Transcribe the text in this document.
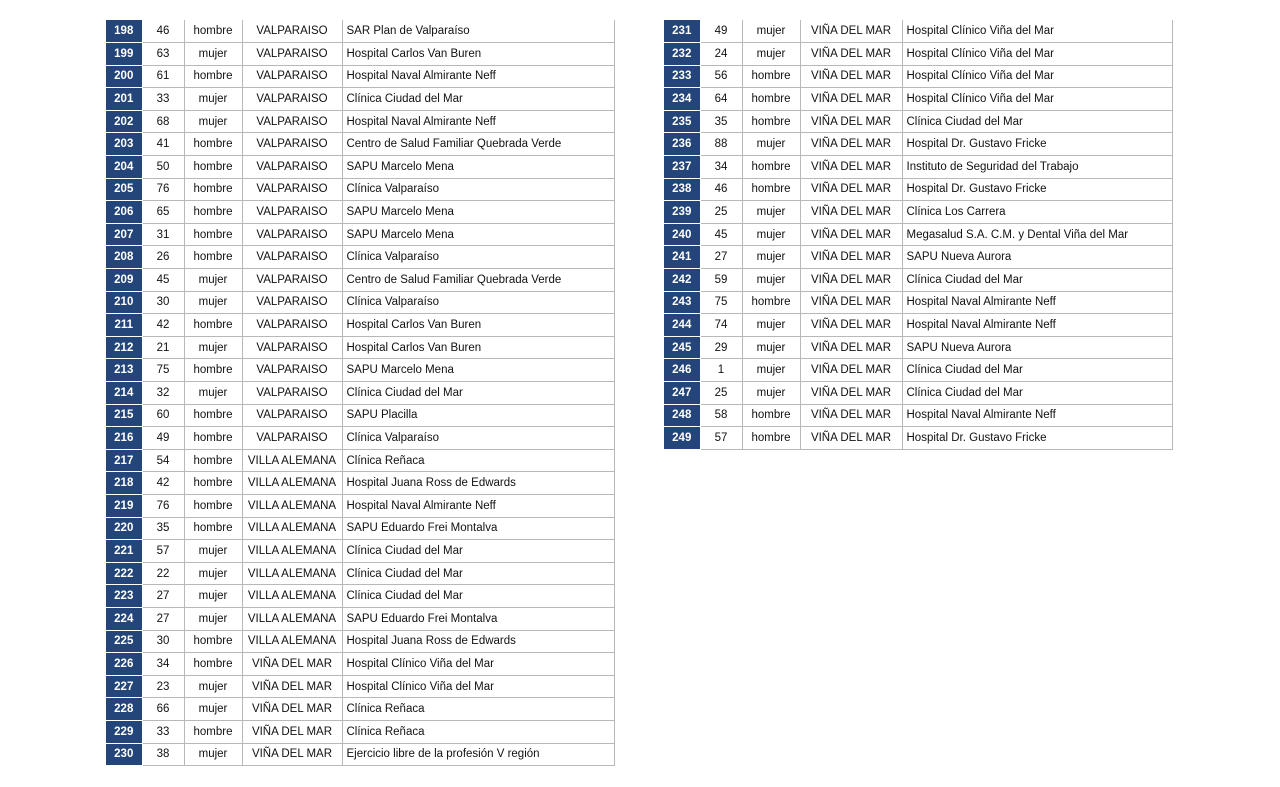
198	46	hombre	VALPARAISO	SAR Plan de Valparaíso
199	63	mujer	VALPARAISO	Hospital Carlos Van Buren
200	61	hombre	VALPARAISO	Hospital Naval Almirante Neff
201	33	mujer	VALPARAISO	Clínica Ciudad del Mar
202	68	mujer	VALPARAISO	Hospital Naval Almirante Neff
203	41	hombre	VALPARAISO	Centro de Salud Familiar Quebrada Verde
204	50	hombre	VALPARAISO	SAPU Marcelo Mena
205	76	hombre	VALPARAISO	Clínica Valparaíso
206	65	hombre	VALPARAISO	SAPU Marcelo Mena
207	31	hombre	VALPARAISO	SAPU Marcelo Mena
208	26	hombre	VALPARAISO	Clínica Valparaíso
209	45	mujer	VALPARAISO	Centro de Salud Familiar Quebrada Verde
210	30	mujer	VALPARAISO	Clínica Valparaíso
211	42	hombre	VALPARAISO	Hospital Carlos Van Buren
212	21	mujer	VALPARAISO	Hospital Carlos Van Buren
213	75	hombre	VALPARAISO	SAPU Marcelo Mena
214	32	mujer	VALPARAISO	Clínica Ciudad del Mar
215	60	hombre	VALPARAISO	SAPU Placilla
216	49	hombre	VALPARAISO	Clínica Valparaíso
217	54	hombre	VILLA ALEMANA	Clínica Reñaca
218	42	hombre	VILLA ALEMANA	Hospital Juana Ross de Edwards
219	76	hombre	VILLA ALEMANA	Hospital Naval Almirante Neff
220	35	hombre	VILLA ALEMANA	SAPU Eduardo Frei Montalva
221	57	mujer	VILLA ALEMANA	Clínica Ciudad del Mar
222	22	mujer	VILLA ALEMANA	Clínica Ciudad del Mar
223	27	mujer	VILLA ALEMANA	Clínica Ciudad del Mar
224	27	mujer	VILLA ALEMANA	SAPU Eduardo Frei Montalva
225	30	hombre	VILLA ALEMANA	Hospital Juana Ross de Edwards
226	34	hombre	VIÑA DEL MAR	Hospital Clínico Viña del Mar
227	23	mujer	VIÑA DEL MAR	Hospital Clínico Viña del Mar
228	66	mujer	VIÑA DEL MAR	Clínica Reñaca
229	33	hombre	VIÑA DEL MAR	Clínica Reñaca
230	38	mujer	VIÑA DEL MAR	Ejercicio libre de la profesión V región
231	49	mujer	VIÑA DEL MAR	Hospital Clínico Viña del Mar
232	24	mujer	VIÑA DEL MAR	Hospital Clínico Viña del Mar
233	56	hombre	VIÑA DEL MAR	Hospital Clínico Viña del Mar
234	64	hombre	VIÑA DEL MAR	Hospital Clínico Viña del Mar
235	35	hombre	VIÑA DEL MAR	Clínica Ciudad del Mar
236	88	mujer	VIÑA DEL MAR	Hospital Dr. Gustavo Fricke
237	34	hombre	VIÑA DEL MAR	Instituto de Seguridad del Trabajo
238	46	hombre	VIÑA DEL MAR	Hospital Dr. Gustavo Fricke
239	25	mujer	VIÑA DEL MAR	Clínica Los Carrera
240	45	mujer	VIÑA DEL MAR	Megasalud S.A. C.M. y Dental Viña del Mar
241	27	mujer	VIÑA DEL MAR	SAPU Nueva Aurora
242	59	mujer	VIÑA DEL MAR	Clínica Ciudad del Mar
243	75	hombre	VIÑA DEL MAR	Hospital Naval Almirante Neff
244	74	mujer	VIÑA DEL MAR	Hospital Naval Almirante Neff
245	29	mujer	VIÑA DEL MAR	SAPU Nueva Aurora
246	1	mujer	VIÑA DEL MAR	Clínica Ciudad del Mar
247	25	mujer	VIÑA DEL MAR	Clínica Ciudad del Mar
248	58	hombre	VIÑA DEL MAR	Hospital Naval Almirante Neff
249	57	hombre	VIÑA DEL MAR	Hospital Dr. Gustavo Fricke
